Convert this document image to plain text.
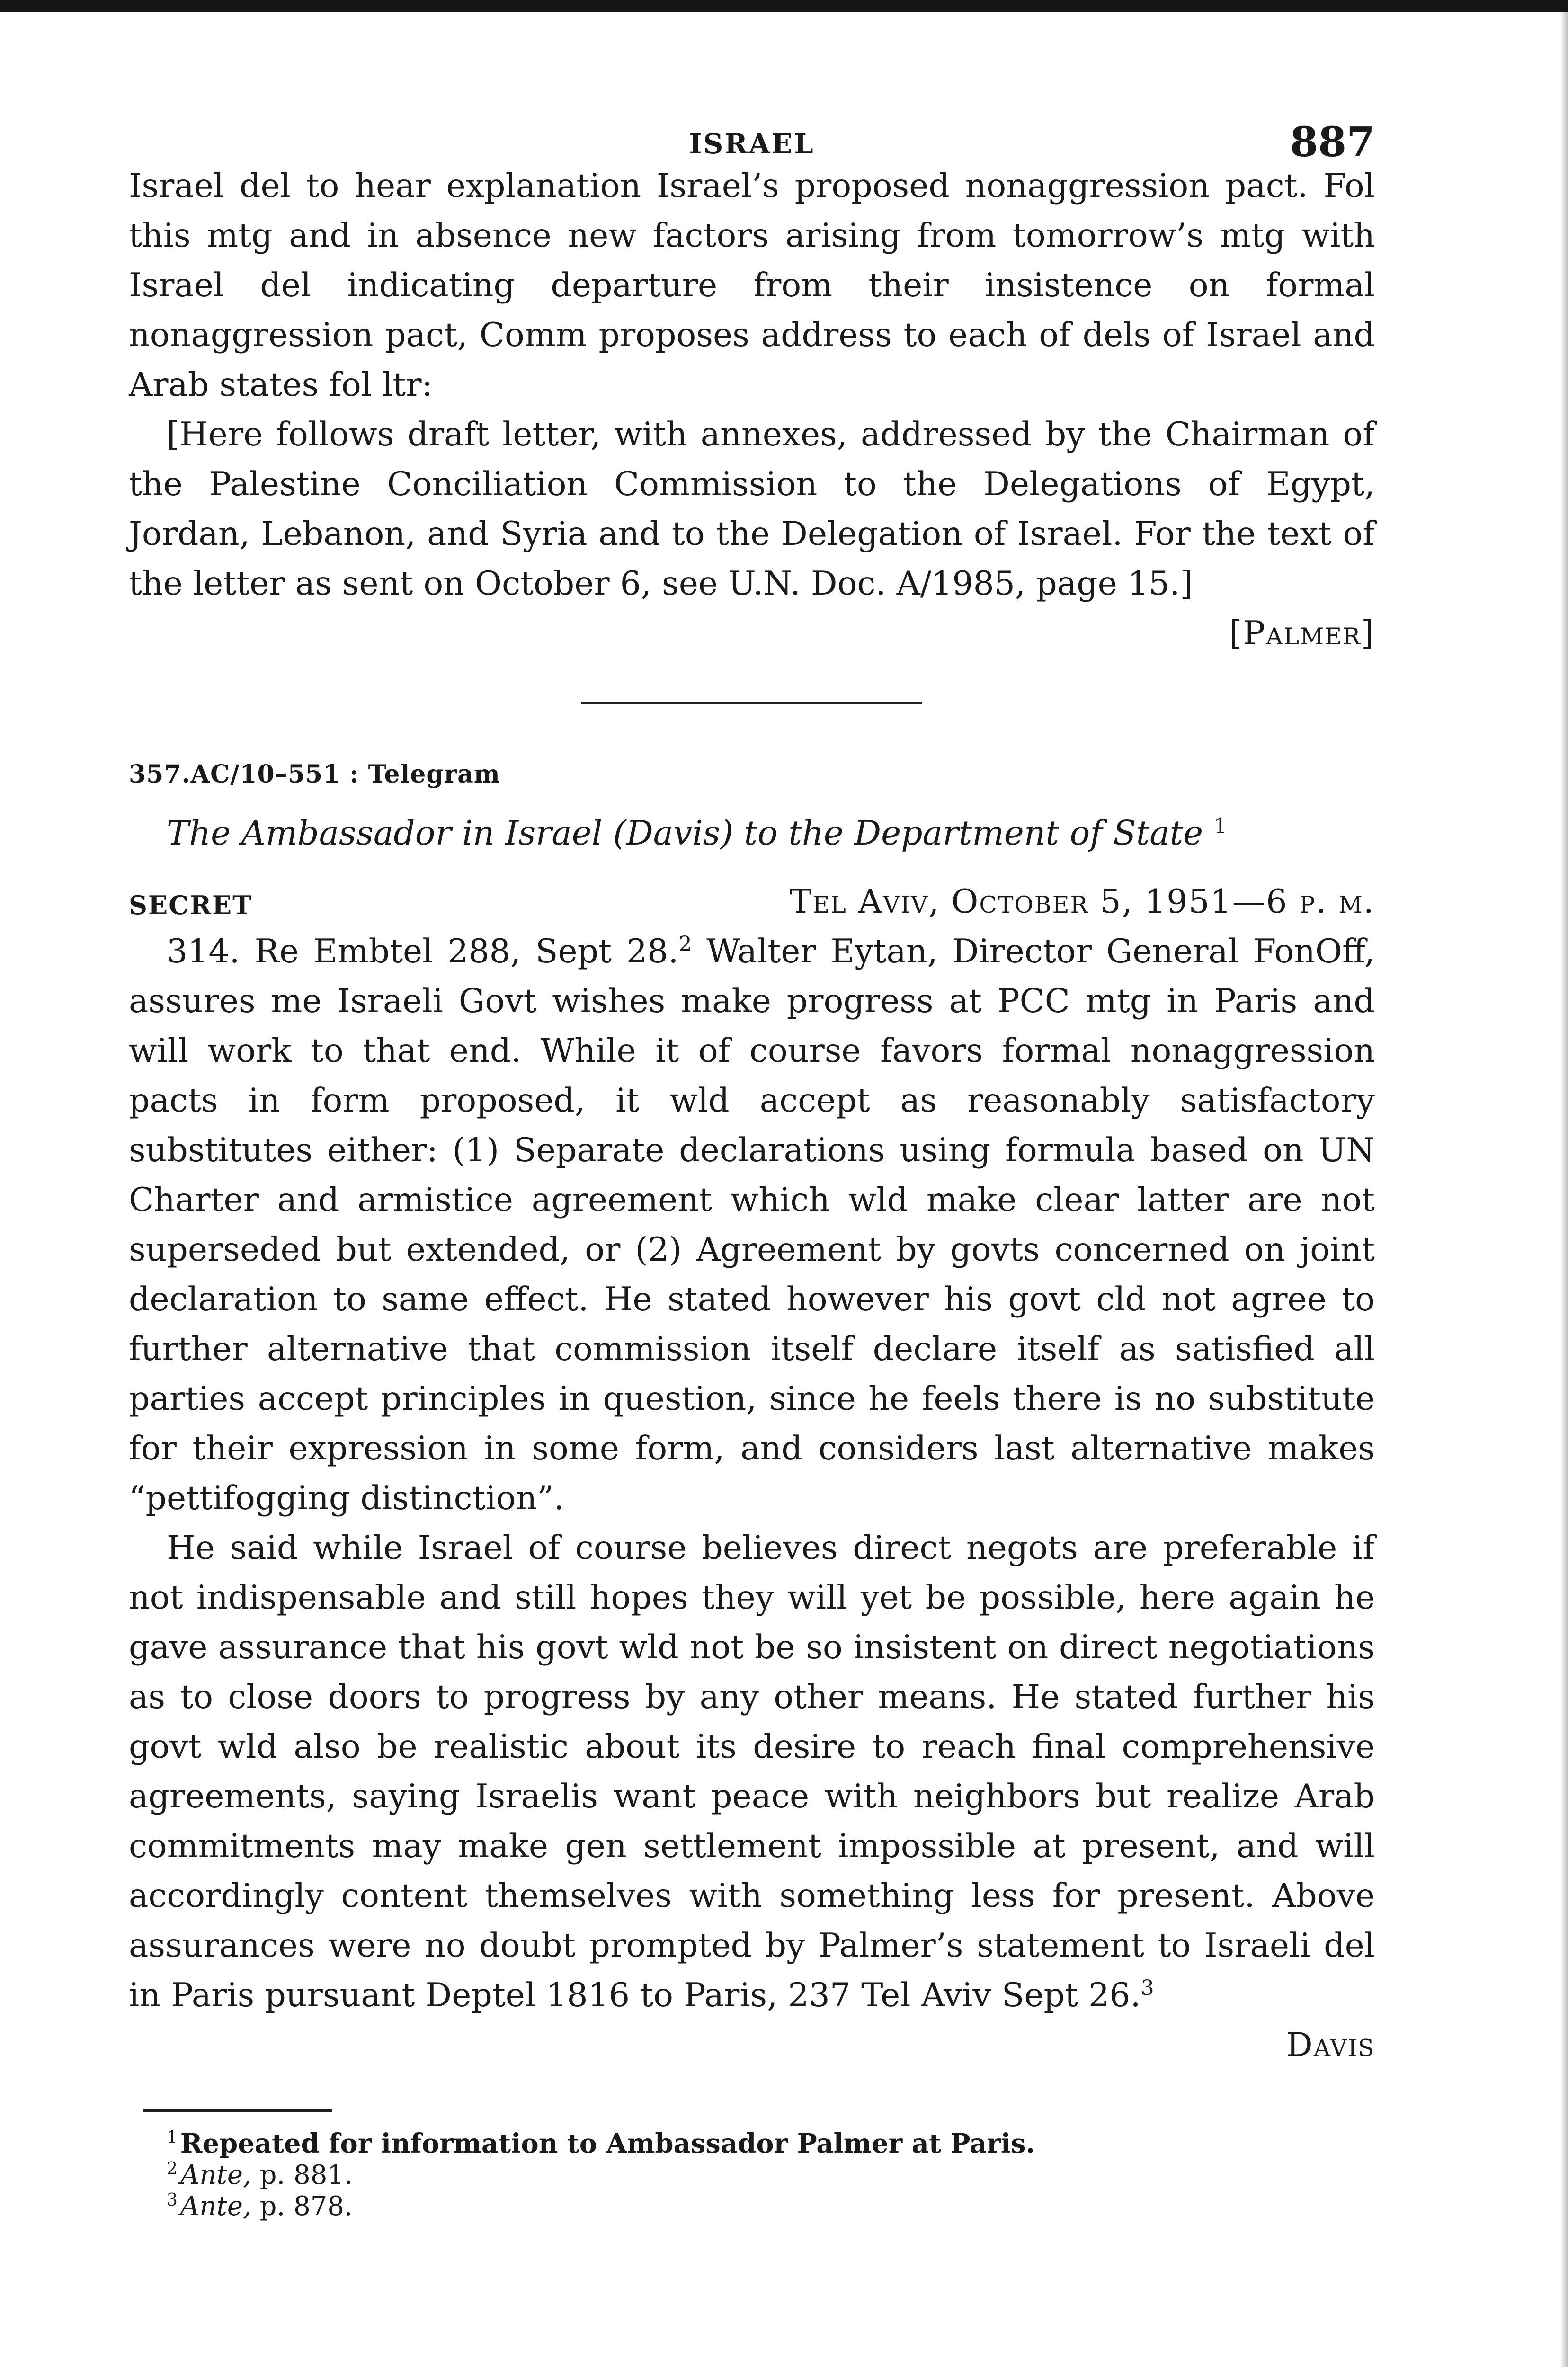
ISRAEL	887

Israel del to hear explanation Israel’s proposed nonaggression pact. Fol this mtg and in absence new factors arising from tomorrow’s mtg with Israel del indicating departure from their insistence on formal nonaggression pact, Comm proposes address to each of dels of Israel and Arab states fol ltr:

[Here follows draft letter, with annexes, addressed by the Chairman of the Palestine Conciliation Commission to the Delegations of Egypt, Jordan, Lebanon, and Syria and to the Delegation of Israel. For the text of the letter as sent on October 6, see U.N. Doc. A/1985, page 15.]

[Palmer]
357.AC/10–551 : Telegram
The Ambassador in Israel (Davis) to the Department of State $^1$
SECRET	Tel Aviv, October 5, 1951—6 p. m.

314. Re Embtel 288, Sept 28.$^2$ Walter Eytan, Director General FonOff, assures me Israeli Govt wishes make progress at PCC mtg in Paris and will work to that end. While it of course favors formal nonaggression pacts in form proposed, it wld accept as reasonably satisfactory substitutes either: (1) Separate declarations using formula based on UN Charter and armistice agreement which wld make clear latter are not superseded but extended, or (2) Agreement by govts concerned on joint declaration to same effect. He stated however his govt cld not agree to further alternative that commission itself declare itself as satisfied all parties accept principles in question, since he feels there is no substitute for their expression in some form, and considers last alternative makes “pettifogging distinction”.

He said while Israel of course believes direct negots are preferable if not indispensable and still hopes they will yet be possible, here again he gave assurance that his govt wld not be so insistent on direct negotiations as to close doors to progress by any other means. He stated further his govt wld also be realistic about its desire to reach final comprehensive agreements, saying Israelis want peace with neighbors but realize Arab commitments may make gen settlement impossible at present, and will accordingly content themselves with something less for present. Above assurances were no doubt prompted by Palmer’s statement to Israeli del in Paris pursuant Deptel 1816 to Paris, 237 Tel Aviv Sept 26.$^3$

Davis
$^1$ Repeated for information to Ambassador Palmer at Paris.
$^2$ Ante, p. 881.
$^3$ Ante, p. 878.
